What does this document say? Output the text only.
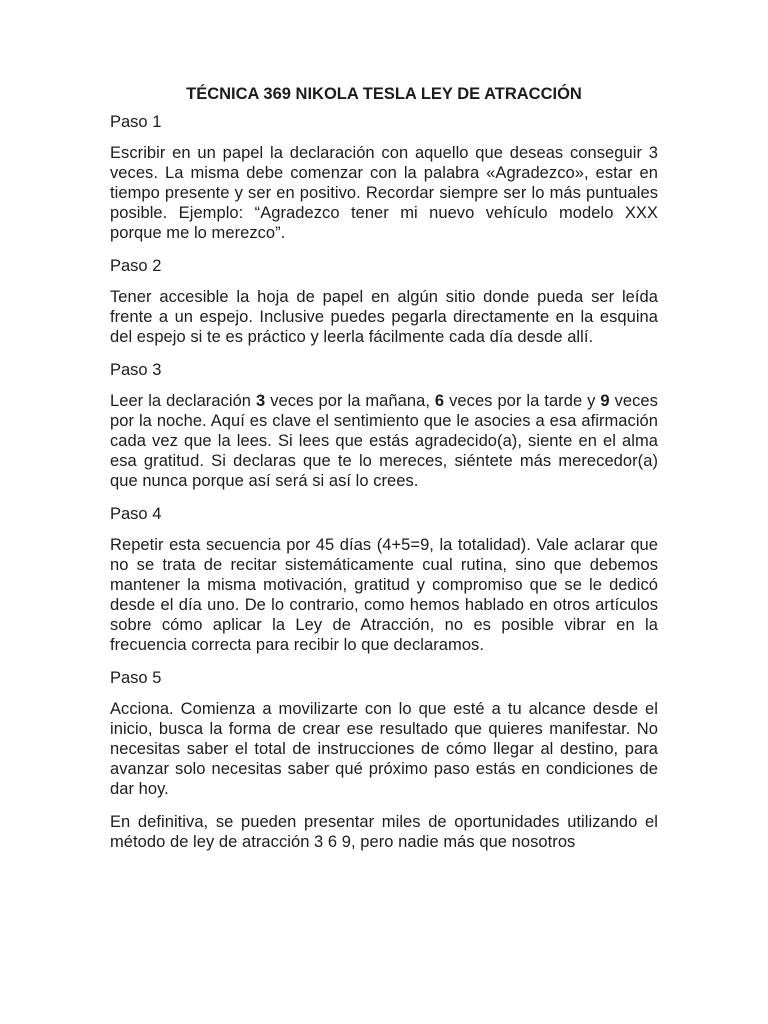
TÉCNICA 369 NIKOLA TESLA LEY DE ATRACCIÓN

Paso 1

Escribir en un papel la declaración con aquello que deseas conseguir 3 veces. La misma debe comenzar con la palabra «Agradezco», estar en tiempo presente y ser en positivo. Recordar siempre ser lo más puntuales posible. Ejemplo: “Agradezco tener mi nuevo vehículo modelo XXX porque me lo merezco”.

Paso 2

Tener accesible la hoja de papel en algún sitio donde pueda ser leída frente a un espejo. Inclusive puedes pegarla directamente en la esquina del espejo si te es práctico y leerla fácilmente cada día desde allí.

Paso 3

Leer la declaración 3 veces por la mañana, 6 veces por la tarde y 9 veces por la noche. Aquí es clave el sentimiento que le asocies a esa afirmación cada vez que la lees. Si lees que estás agradecido(a), siente en el alma esa gratitud. Si declaras que te lo mereces, siéntete más merecedor(a) que nunca porque así será si así lo crees.

Paso 4

Repetir esta secuencia por 45 días (4+5=9, la totalidad). Vale aclarar que no se trata de recitar sistemáticamente cual rutina, sino que debemos mantener la misma motivación, gratitud y compromiso que se le dedicó desde el día uno. De lo contrario, como hemos hablado en otros artículos sobre cómo aplicar la Ley de Atracción, no es posible vibrar en la frecuencia correcta para recibir lo que declaramos.

Paso 5

Acciona. Comienza a movilizarte con lo que esté a tu alcance desde el inicio, busca la forma de crear ese resultado que quieres manifestar. No necesitas saber el total de instrucciones de cómo llegar al destino, para avanzar solo necesitas saber qué próximo paso estás en condiciones de dar hoy.

En definitiva, se pueden presentar miles de oportunidades utilizando el método de ley de atracción 3 6 9, pero nadie más que nosotros
